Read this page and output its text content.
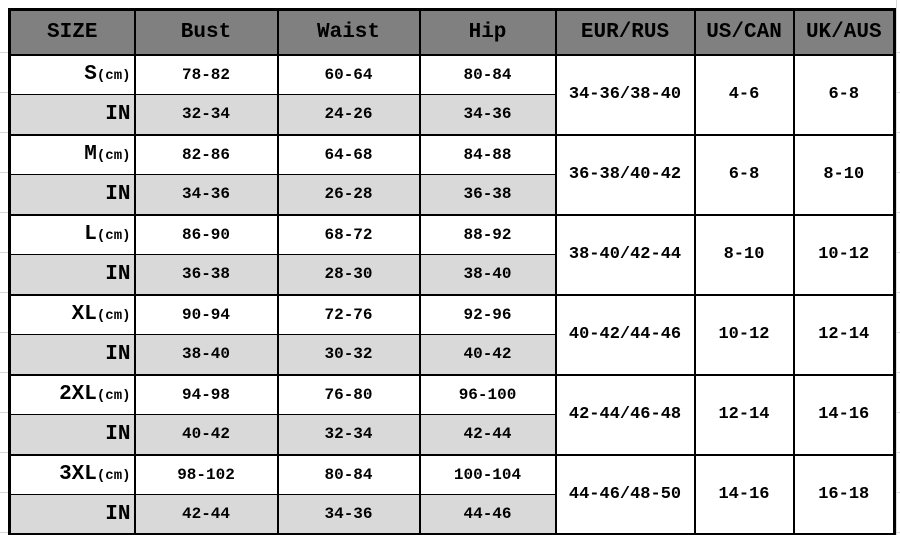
SIZE	Bust	Waist	Hip	EUR/RUS	US/CAN	UK/AUS
S(cm)	78-82	60-64	80-84	34-36/38-40	4-6	6-8
IN	32-34	24-26	34-36			
M(cm)	82-86	64-68	84-88	36-38/40-42	6-8	8-10
IN	34-36	26-28	36-38			
L(cm)	86-90	68-72	88-92	38-40/42-44	8-10	10-12
IN	36-38	28-30	38-40			
XL(cm)	90-94	72-76	92-96	40-42/44-46	10-12	12-14
IN	38-40	30-32	40-42			
2XL(cm)	94-98	76-80	96-100	42-44/46-48	12-14	14-16
IN	40-42	32-34	42-44			
3XL(cm)	98-102	80-84	100-104	44-46/48-50	14-16	16-18
IN	42-44	34-36	44-46			
